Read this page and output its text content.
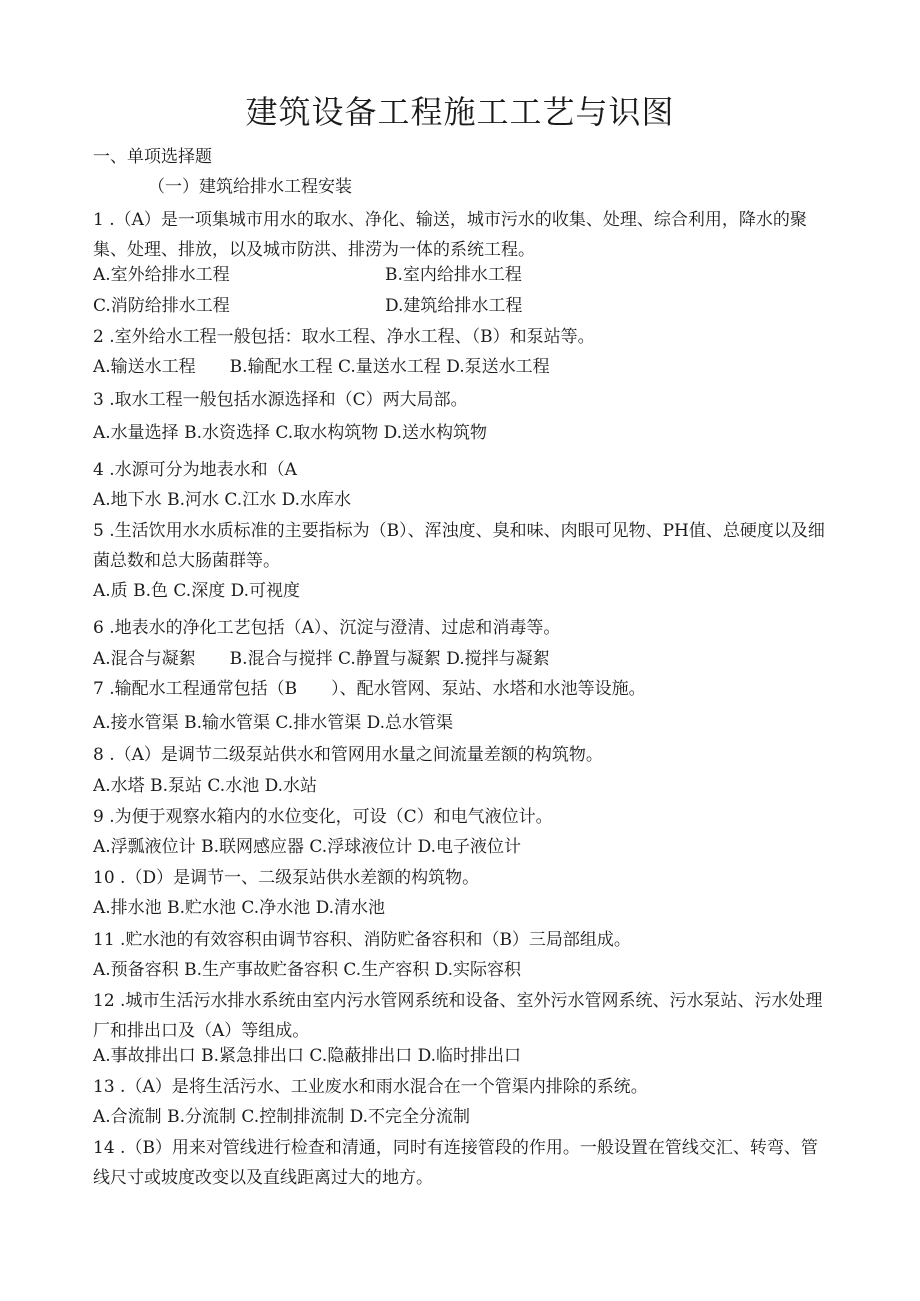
建筑设备工程施工工艺与识图
一、单项选择题
（一）建筑给排水工程安装
1 .（A）是一项集城市用水的取水、净化、输送，城市污水的收集、处理、综合利用，降水的聚集、处理、排放，以及城市防洪、排涝为一体的系统工程。
A.室外给排水工程	B.室内给排水工程
C.消防给排水工程	D.建筑给排水工程
2 .室外给水工程一般包括：取水工程、净水工程、（B）和泵站等。
A.输送水工程　　B.输配水工程 C.量送水工程 D.泵送水工程
3 .取水工程一般包括水源选择和（C）两大局部。
A.水量选择 B.水资选择 C.取水构筑物 D.送水构筑物
4 .水源可分为地表水和（A
A.地下水 B.河水 C.江水 D.水库水
5 .生活饮用水水质标准的主要指标为（B）、浑浊度、臭和味、肉眼可见物、PH值、总硬度以及细菌总数和总大肠菌群等。
A.质 B.色 C.深度 D.可视度
6 .地表水的净化工艺包括（A）、沉淀与澄清、过虑和消毒等。
A.混合与凝絮　　B.混合与搅拌 C.静置与凝絮 D.搅拌与凝絮
7 .输配水工程通常包括（B　　）、配水管网、泵站、水塔和水池等设施。
A.接水管渠 B.输水管渠 C.排水管渠 D.总水管渠
8 .（A）是调节二级泵站供水和管网用水量之间流量差额的构筑物。
A.水塔 B.泵站 C.水池 D.水站
9 .为便于观察水箱内的水位变化，可设（C）和电气液位计。
A.浮瓢液位计 B.联网感应器 C.浮球液位计 D.电子液位计
10 .（D）是调节一、二级泵站供水差额的构筑物。
A.排水池 B.贮水池 C.净水池 D.清水池
11 .贮水池的有效容积由调节容积、消防贮备容积和（B）三局部组成。
A.预备容积 B.生产事故贮备容积 C.生产容积 D.实际容积
12 .城市生活污水排水系统由室内污水管网系统和设备、室外污水管网系统、污水泵站、污水处理厂和排出口及（A）等组成。
A.事故排出口 B.紧急排出口 C.隐蔽排出口 D.临时排出口
13 .（A）是将生活污水、工业废水和雨水混合在一个管渠内排除的系统。
A.合流制 B.分流制 C.控制排流制 D.不完全分流制
14 .（B）用来对管线进行检查和清通，同时有连接管段的作用。一般设置在管线交汇、转弯、管线尺寸或坡度改变以及直线距离过大的地方。
